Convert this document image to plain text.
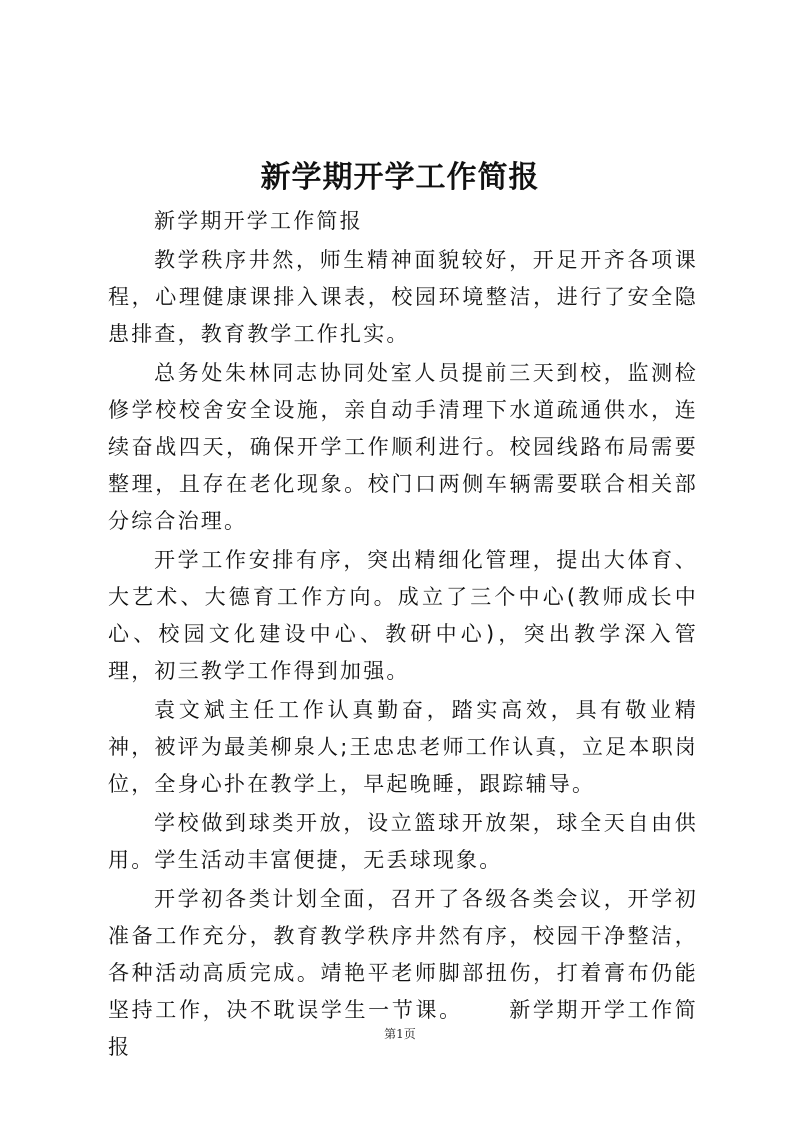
新学期开学工作简报

新学期开学工作简报

教学秩序井然，师生精神面貌较好，开足开齐各项课程，心理健康课排入课表，校园环境整洁，进行了安全隐患排查，教育教学工作扎实。

总务处朱林同志协同处室人员提前三天到校，监测检修学校校舍安全设施，亲自动手清理下水道疏通供水，连续奋战四天，确保开学工作顺利进行。校园线路布局需要整理，且存在老化现象。校门口两侧车辆需要联合相关部分综合治理。

开学工作安排有序，突出精细化管理，提出大体育、大艺术、大德育工作方向。成立了三个中心(教师成长中心、校园文化建设中心、教研中心)，突出教学深入管理，初三教学工作得到加强。

袁文斌主任工作认真勤奋，踏实高效，具有敬业精神，被评为最美柳泉人;王忠忠老师工作认真，立足本职岗位，全身心扑在教学上，早起晚睡，跟踪辅导。

学校做到球类开放，设立篮球开放架，球全天自由供用。学生活动丰富便捷，无丢球现象。

开学初各类计划全面，召开了各级各类会议，开学初准备工作充分，教育教学秩序井然有序，校园干净整洁，各种活动高质完成。靖艳平老师脚部扭伤，打着膏布仍能坚持工作，决不耽误学生一节课。 新学期开学工作简报

第1页
